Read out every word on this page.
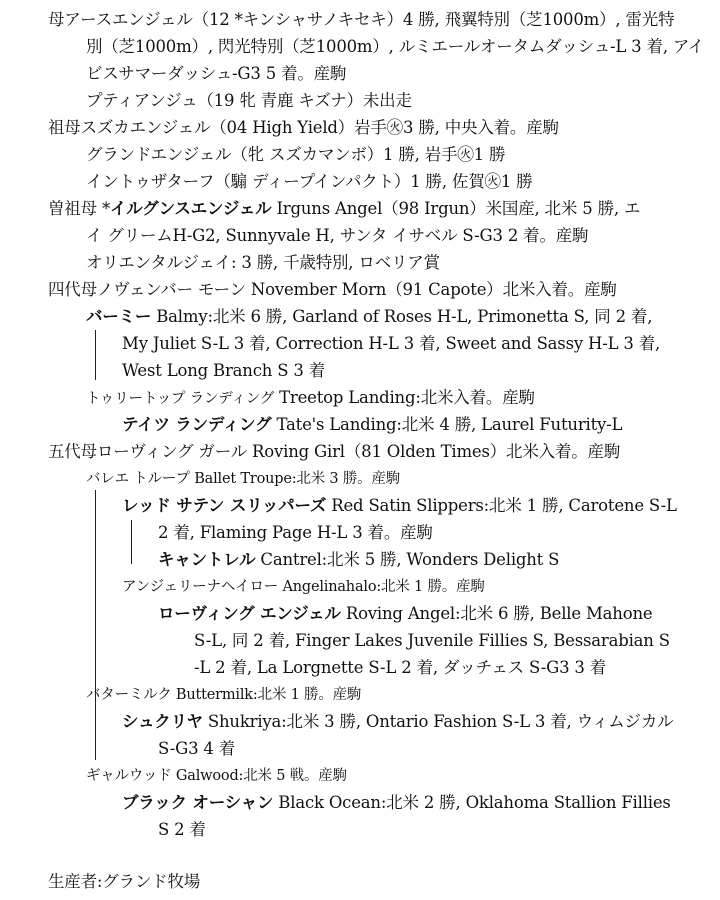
母アースエンジェル（12 *キンシャサノキセキ）4 勝, 飛翼特別（芝1000m）, 雷光特
別（芝1000m）, 閃光特別（芝1000m）, ルミエールオータムダッシュ-L 3 着, アイ
ビスサマーダッシュ-G3 5 着。産駒
プティアンジュ（19 牝 青鹿 キズナ）未出走
祖母スズカエンジェル（04 High Yield）岩手㊋3 勝, 中央入着。産駒
グランドエンジェル（牝 スズカマンボ）1 勝, 岩手㊋1 勝
イントゥザターフ（騸 ディープインパクト）1 勝, 佐賀㊋1 勝
曽祖母 *イルグンスエンジェル Irguns Angel（98 Irgun）米国産, 北米 5 勝, エ
イ グリームH-G2, Sunnyvale H, サンタ イサベル S-G3 2 着。産駒
オリエンタルジェイ: 3 勝, 千歳特別, ロベリア賞
四代母ノヴェンバー モーン November Morn（91 Capote）北米入着。産駒
バーミー Balmy:北米 6 勝, Garland of Roses H-L, Primonetta S, 同 2 着,
My Juliet S-L 3 着, Correction H-L 3 着, Sweet and Sassy H-L 3 着,
West Long Branch S 3 着
トゥリートップ ランディング Treetop Landing:北米入着。産駒
テイツ ランディング Tate's Landing:北米 4 勝, Laurel Futurity-L
五代母ローヴィング ガール Roving Girl（81 Olden Times）北米入着。産駒
バレエ トループ Ballet Troupe:北米 3 勝。産駒
レッド サテン スリッパーズ Red Satin Slippers:北米 1 勝, Carotene S-L
2 着, Flaming Page H-L 3 着。産駒
キャントレル Cantrel:北米 5 勝, Wonders Delight S
アンジェリーナヘイロー Angelinahalo:北米 1 勝。産駒
ローヴィング エンジェル Roving Angel:北米 6 勝, Belle Mahone
S-L, 同 2 着, Finger Lakes Juvenile Fillies S, Bessarabian S
-L 2 着, La Lorgnette S-L 2 着, ダッチェス S-G3 3 着
バターミルク Buttermilk:北米 1 勝。産駒
シュクリヤ Shukriya:北米 3 勝, Ontario Fashion S-L 3 着, ウィムジカル
S-G3 4 着
ギャルウッド Galwood:北米 5 戦。産駒
ブラック オーシャン Black Ocean:北米 2 勝, Oklahoma Stallion Fillies
S 2 着
生産者:グランド牧場
